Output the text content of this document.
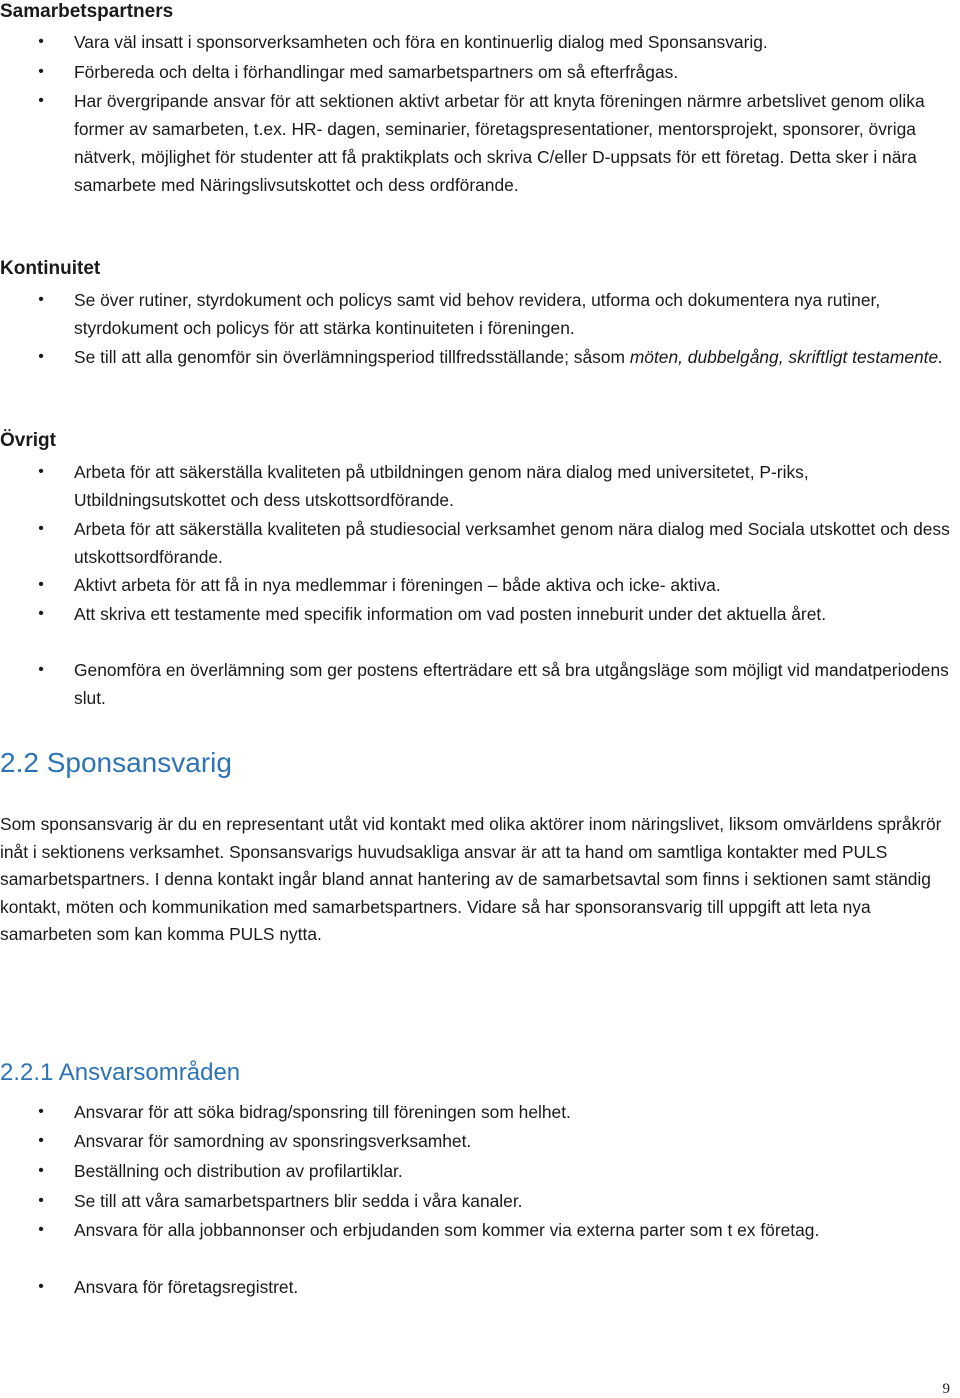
Samarbetspartners
• Vara väl insatt i sponsorverksamheten och föra en kontinuerlig dialog med Sponsansvarig.

• Förbereda och delta i förhandlingar med samarbetspartners om så efterfrågas.

• Har övergripande ansvar för att sektionen aktivt arbetar för att knyta föreningen närmre arbetslivet genom olika former av samarbeten, t.ex. HR- dagen, seminarier, företagspresentationer, mentorsprojekt, sponsorer, övriga nätverk, möjlighet för studenter att få praktikplats och skriva C/eller D-uppsats för ett företag. Detta sker i nära samarbete med Näringslivsutskottet och dess ordförande.

Kontinuitet
• Se över rutiner, styrdokument och policys samt vid behov revidera, utforma och dokumentera nya rutiner, styrdokument och policys för att stärka kontinuiteten i föreningen.

• Se till att alla genomför sin överlämningsperiod tillfredsställande; såsom möten, dubbelgång, skriftligt testamente.

Övrigt
• Arbeta för att säkerställa kvaliteten på utbildningen genom nära dialog med universitetet, P-riks, Utbildningsutskottet och dess utskottsordförande.

• Arbeta för att säkerställa kvaliteten på studiesocial verksamhet genom nära dialog med Sociala utskottet och dess utskottsordförande.

• Aktivt arbeta för att få in nya medlemmar i föreningen – både aktiva och icke- aktiva.

• Att skriva ett testamente med specifik information om vad posten inneburit under det aktuella året.

• Genomföra en överlämning som ger postens efterträdare ett så bra utgångsläge som möjligt vid mandatperiodens slut.

2.2 Sponsansvarig

Som sponsansvarig är du en representant utåt vid kontakt med olika aktörer inom näringslivet, liksom omvärldens språkrör inåt i sektionens verksamhet. Sponsansvarigs huvudsakliga ansvar är att ta hand om samtliga kontakter med PULS samarbetspartners. I denna kontakt ingår bland annat hantering av de samarbetsavtal som finns i sektionen samt ständig kontakt, möten och kommunikation med samarbetspartners. Vidare så har sponsoransvarig till uppgift att leta nya samarbeten som kan komma PULS nytta.

2.2.1 Ansvarsområden
• Ansvarar för att söka bidrag/sponsring till föreningen som helhet.

• Ansvarar för samordning av sponsringsverksamhet.

• Beställning och distribution av profilartiklar.

• Se till att våra samarbetspartners blir sedda i våra kanaler.

• Ansvara för alla jobbannonser och erbjudanden som kommer via externa parter som t ex företag.

• Ansvara för företagsregistret.

9
